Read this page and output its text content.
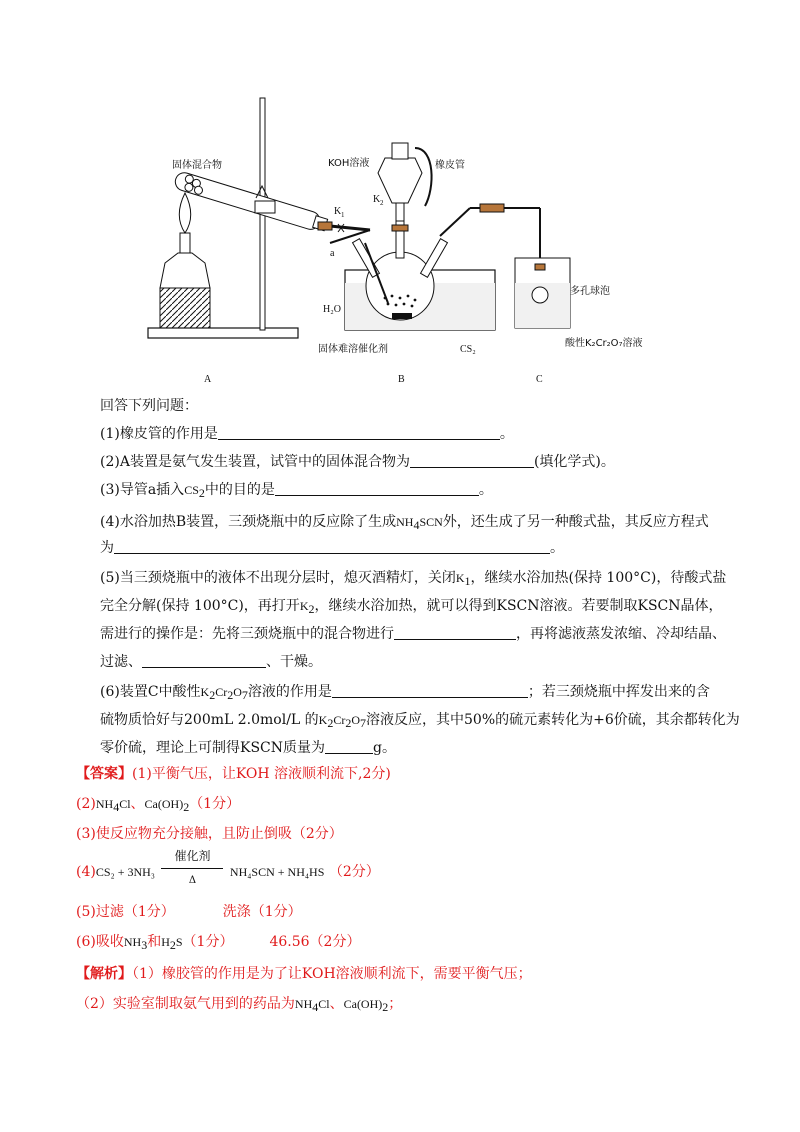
固体混合物	KOH溶液	橡皮管
K 1
K 2
a
H₂O
固体难溶催化剂	CS₂
多孔球泡
酸性K₂Cr₂O₇溶液
A	B	C
回答下列问题：
(1)橡皮管的作用是	。
(2)A装置是氨气发生装置，试管中的固体混合物为	(填化学式)。
(3)导管a插入$CS_2$中的目的是	。
(4)水浴加热B装置，三颈烧瓶中的反应除了生成$NH_4SCN$外，还生成了另一种酸式盐，其反应方程式
为	。
(5)当三颈烧瓶中的液体不出现分层时，熄灭酒精灯，关闭$K_1$，继续水浴加热(保持 100°C)，待酸式盐
完全分解(保持 100°C)，再打开$K_2$，继续水浴加热，就可以得到KSCN溶液。若要制取KSCN晶体，
需进行的操作是：先将三颈烧瓶中的混合物进行	，再将滤液蒸发浓缩、冷却结晶、
过滤、	、干燥。
(6)装置C中酸性$K_2Cr_2O_7$溶液的作用是	；若三颈烧瓶中挥发出来的含
硫物质恰好与200mL 2.0mol/L 的$K_2Cr_2O_7$溶液反应，其中50%的硫元素转化为+6价硫，其余都转化为
零价硫，理论上可制得KSCN质量为	g。
【答案】(1)平衡气压，让KOH 溶液顺利流下,2分)
$(2)NH_4Cl$、$Ca(OH)_2(1$分）
(3)使反应物充分接触，且防止倒吸（2分）
(4)CS₂ + 3NH₃
催化剂
Δ
NH₄SCN + NH₄HS （2分）
(5)过滤（1分）	洗涤（1分）
(6)吸收$NH_3$和$H_2S(1$分）	46.56（2分）
【解析】（1）橡胶管的作用是为了让KOH溶液顺利流下，需要平衡气压；
（2）实验室制取氨气用到的药品为$NH_4Cl$、$Ca(OH)_2$；
